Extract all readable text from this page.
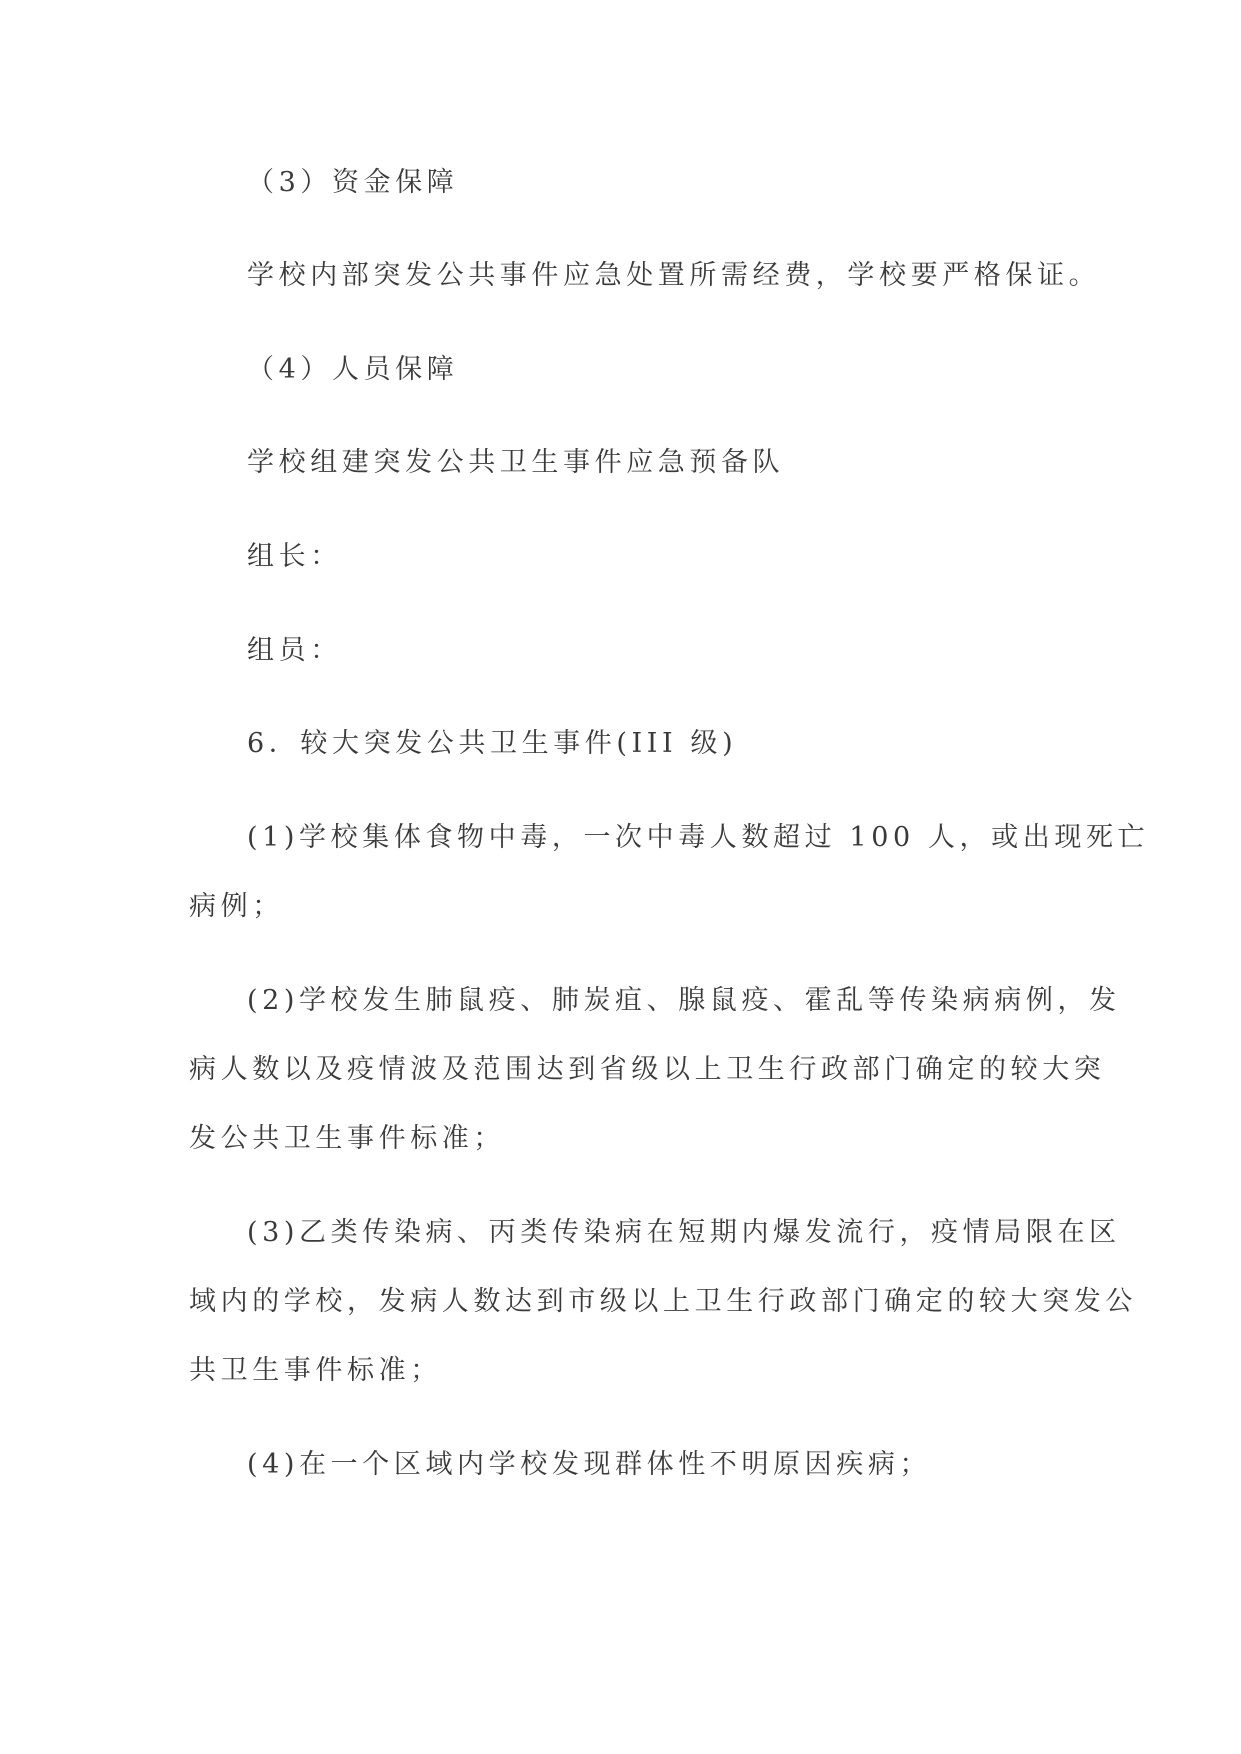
（3）资金保障
学校内部突发公共事件应急处置所需经费，学校要严格保证。
（4）人员保障
学校组建突发公共卫生事件应急预备队
组长：
组员：
6．较大突发公共卫生事件(III 级)
(1)学校集体食物中毒，一次中毒人数超过 100 人，或出现死亡
病例；
(2)学校发生肺鼠疫、肺炭疽、腺鼠疫、霍乱等传染病病例，发
病人数以及疫情波及范围达到省级以上卫生行政部门确定的较大突
发公共卫生事件标准；
(3)乙类传染病、丙类传染病在短期内爆发流行，疫情局限在区
域内的学校，发病人数达到市级以上卫生行政部门确定的较大突发公
共卫生事件标准；
(4)在一个区域内学校发现群体性不明原因疾病；
